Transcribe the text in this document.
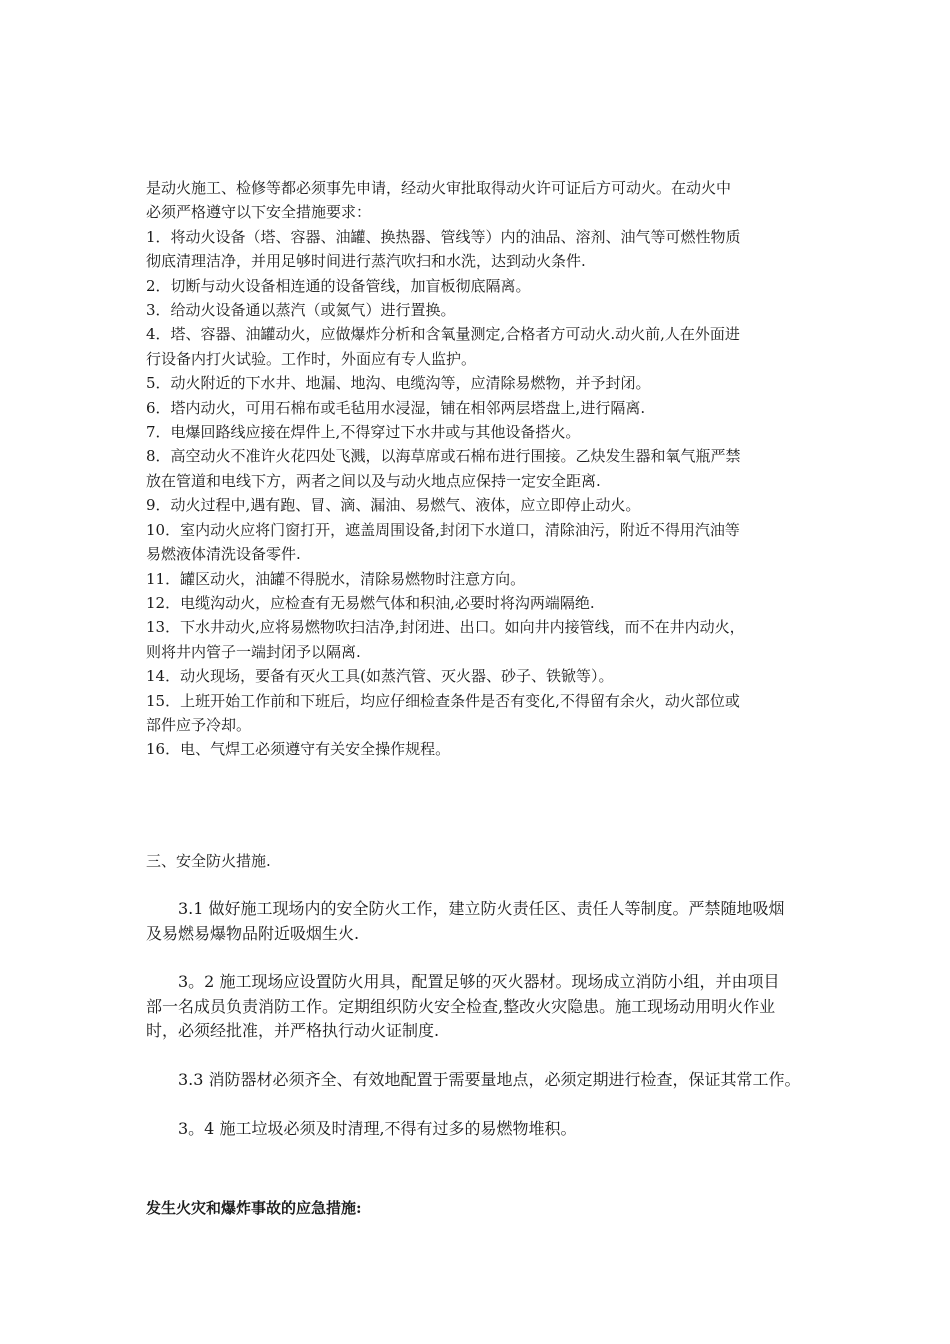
是动火施工、检修等都必须事先申请，经动火审批取得动火许可证后方可动火。在动火中

必须严格遵守以下安全措施要求：

1．将动火设备（塔、容器、油罐、换热器、管线等）内的油品、溶剂、油气等可燃性物质

彻底清理洁净，并用足够时间进行蒸汽吹扫和水洗，达到动火条件.

2．切断与动火设备相连通的设备管线，加盲板彻底隔离。

3．给动火设备通以蒸汽（或氮气）进行置换。

4．塔、容器、油罐动火，应做爆炸分析和含氧量测定,合格者方可动火.动火前,人在外面进

行设备内打火试验。工作时，外面应有专人监护。

5．动火附近的下水井、地漏、地沟、电缆沟等，应清除易燃物，并予封闭。

6．塔内动火，可用石棉布或毛毡用水浸湿，铺在相邻两层塔盘上,进行隔离.

7．电爆回路线应接在焊件上,不得穿过下水井或与其他设备搭火。

8．高空动火不准许火花四处飞溅，以海草席或石棉布进行围接。乙炔发生器和氧气瓶严禁

放在管道和电线下方，两者之间以及与动火地点应保持一定安全距离.

9．动火过程中,遇有跑、冒、滴、漏油、易燃气、液体，应立即停止动火。

10．室内动火应将门窗打开，遮盖周围设备,封闭下水道口，清除油污，附近不得用汽油等

易燃液体清洗设备零件.

11．罐区动火，油罐不得脱水，清除易燃物时注意方向。

12．电缆沟动火，应检查有无易燃气体和积油,必要时将沟两端隔绝.

13．下水井动火,应将易燃物吹扫洁净,封闭进、出口。如向井内接管线，而不在井内动火，

则将井内管子一端封闭予以隔离.

14．动火现场，要备有灭火工具(如蒸汽管、灭火器、砂子、铁锨等）。

15．上班开始工作前和下班后，均应仔细检查条件是否有变化,不得留有余火，动火部位或

部件应予冷却。

16．电、气焊工必须遵守有关安全操作规程。

三、安全防火措施.

3.1 做好施工现场内的安全防火工作，建立防火责任区、责任人等制度。严禁随地吸烟
及易燃易爆物品附近吸烟生火.
3。2 施工现场应设置防火用具，配置足够的灭火器材。现场成立消防小组，并由项目
部一名成员负责消防工作。定期组织防火安全检查,整改火灾隐患。施工现场动用明火作业
时，必须经批准，并严格执行动火证制度.
3.3 消防器材必须齐全、有效地配置于需要量地点，必须定期进行检查，保证其常工作。
3。4 施工垃圾必须及时清理,不得有过多的易燃物堆积。

发生火灾和爆炸事故的应急措施:
